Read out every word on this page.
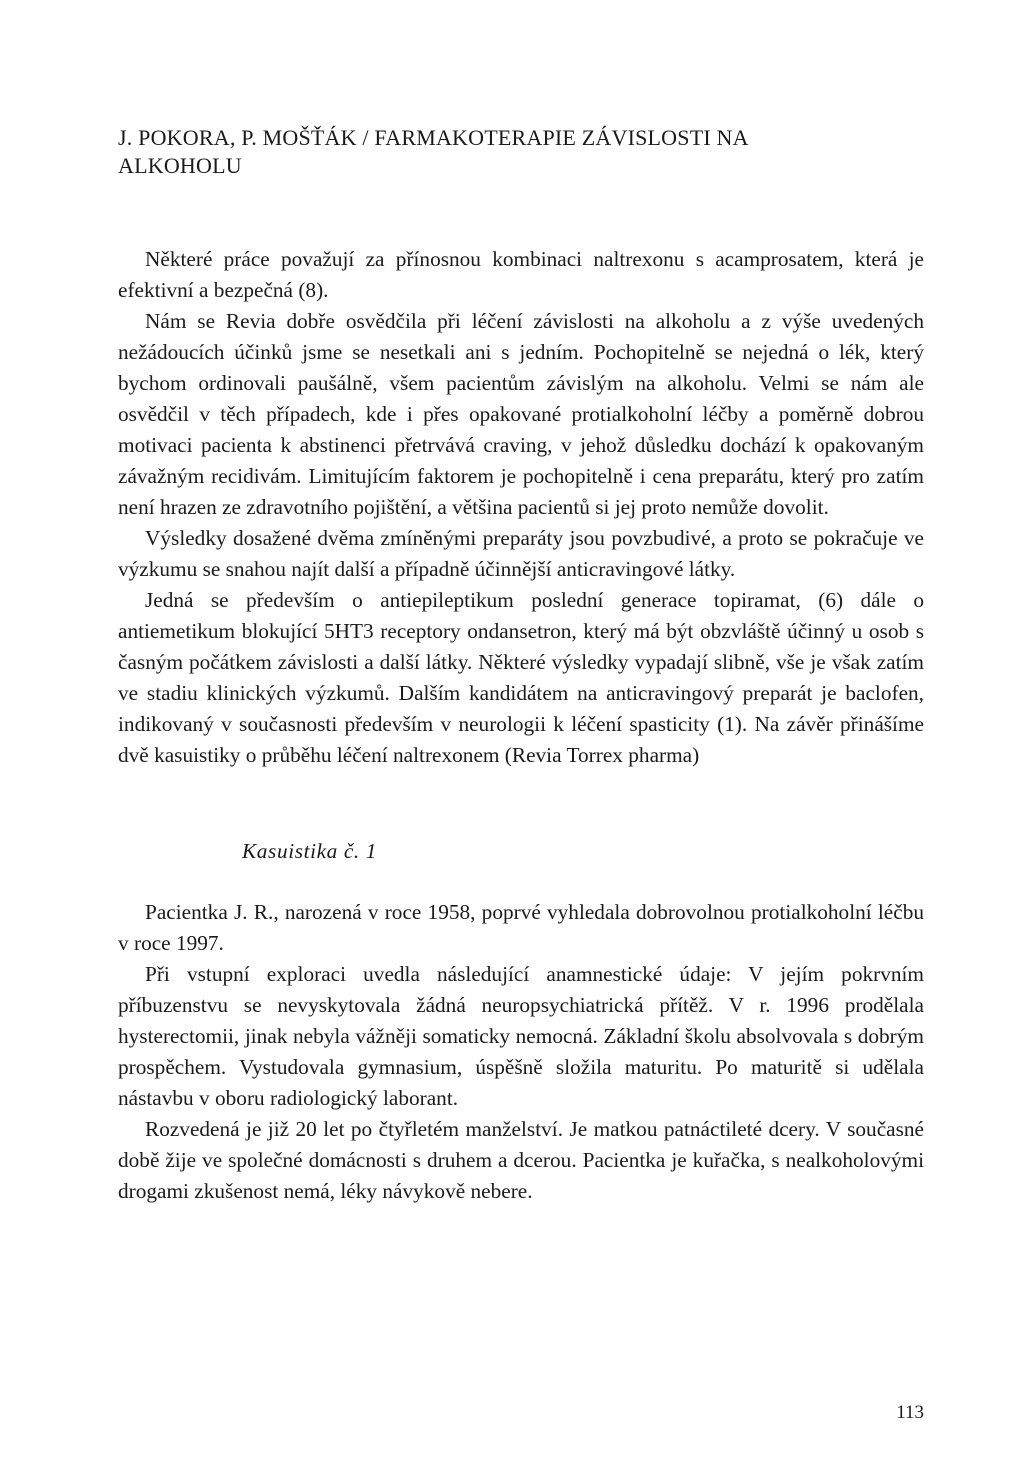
J. POKORA, P. MOŠŤÁK / FARMAKOTERAPIE ZÁVISLOSTI NA ALKOHOLU

Některé práce považují za přínosnou kombinaci naltrexonu s acamprosatem, která je efektivní a bezpečná (8).

Nám se Revia dobře osvědčila při léčení závislosti na alkoholu a z výše uvedených nežádoucích účinků jsme se nesetkali ani s jedním. Pochopitelně se nejedná o lék, který bychom ordinovali paušálně, všem pacientům závislým na alkoholu. Velmi se nám ale osvědčil v těch případech, kde i přes opakované protialkoholní léčby a poměrně dobrou motivaci pacienta k abstinenci přetrvává craving, v jehož důsledku dochází k opakovaným závažným recidivám. Limitujícím faktorem je pochopitelně i cena preparátu, který pro zatím není hrazen ze zdravotního pojištění, a většina pacientů si jej proto nemůže dovolit.

Výsledky dosažené dvěma zmíněnými preparáty jsou povzbudivé, a proto se pokračuje ve výzkumu se snahou najít další a případně účinnější anticravingové látky.

Jedná se především o antiepileptikum poslední generace topiramat, (6) dále o antiemetikum blokující 5HT3 receptory ondansetron, který má být obzvláště účinný u osob s časným počátkem závislosti a další látky. Některé výsledky vypadají slibně, vše je však zatím ve stadiu klinických výzkumů. Dalším kandidátem na anticravingový preparát je baclofen, indikovaný v současnosti především v neurologii k léčení spasticity (1). Na závěr přinášíme dvě kasuistiky o průběhu léčení naltrexonem (Revia Torrex pharma)

Kasuistika č. 1

Pacientka J. R., narozená v roce 1958, poprvé vyhledala dobrovolnou protialkoholní léčbu v roce 1997.

Při vstupní exploraci uvedla následující anamnestické údaje: V jejím pokrvním příbuzenstvu se nevyskytovala žádná neuropsychiatrická přítěž. V r. 1996 prodělala hysterectomii, jinak nebyla vážněji somaticky nemocná. Základní školu absolvovala s dobrým prospěchem. Vystudovala gymnasium, úspěšně složila maturitu. Po maturitě si udělala nástavbu v oboru radiologický laborant.

Rozvedená je již 20 let po čtyřletém manželství. Je matkou patnáctileté dcery. V současné době žije ve společné domácnosti s druhem a dcerou. Pacientka je kuřačka, s nealkoholovými drogami zkušenost nemá, léky návykově nebere.

113
